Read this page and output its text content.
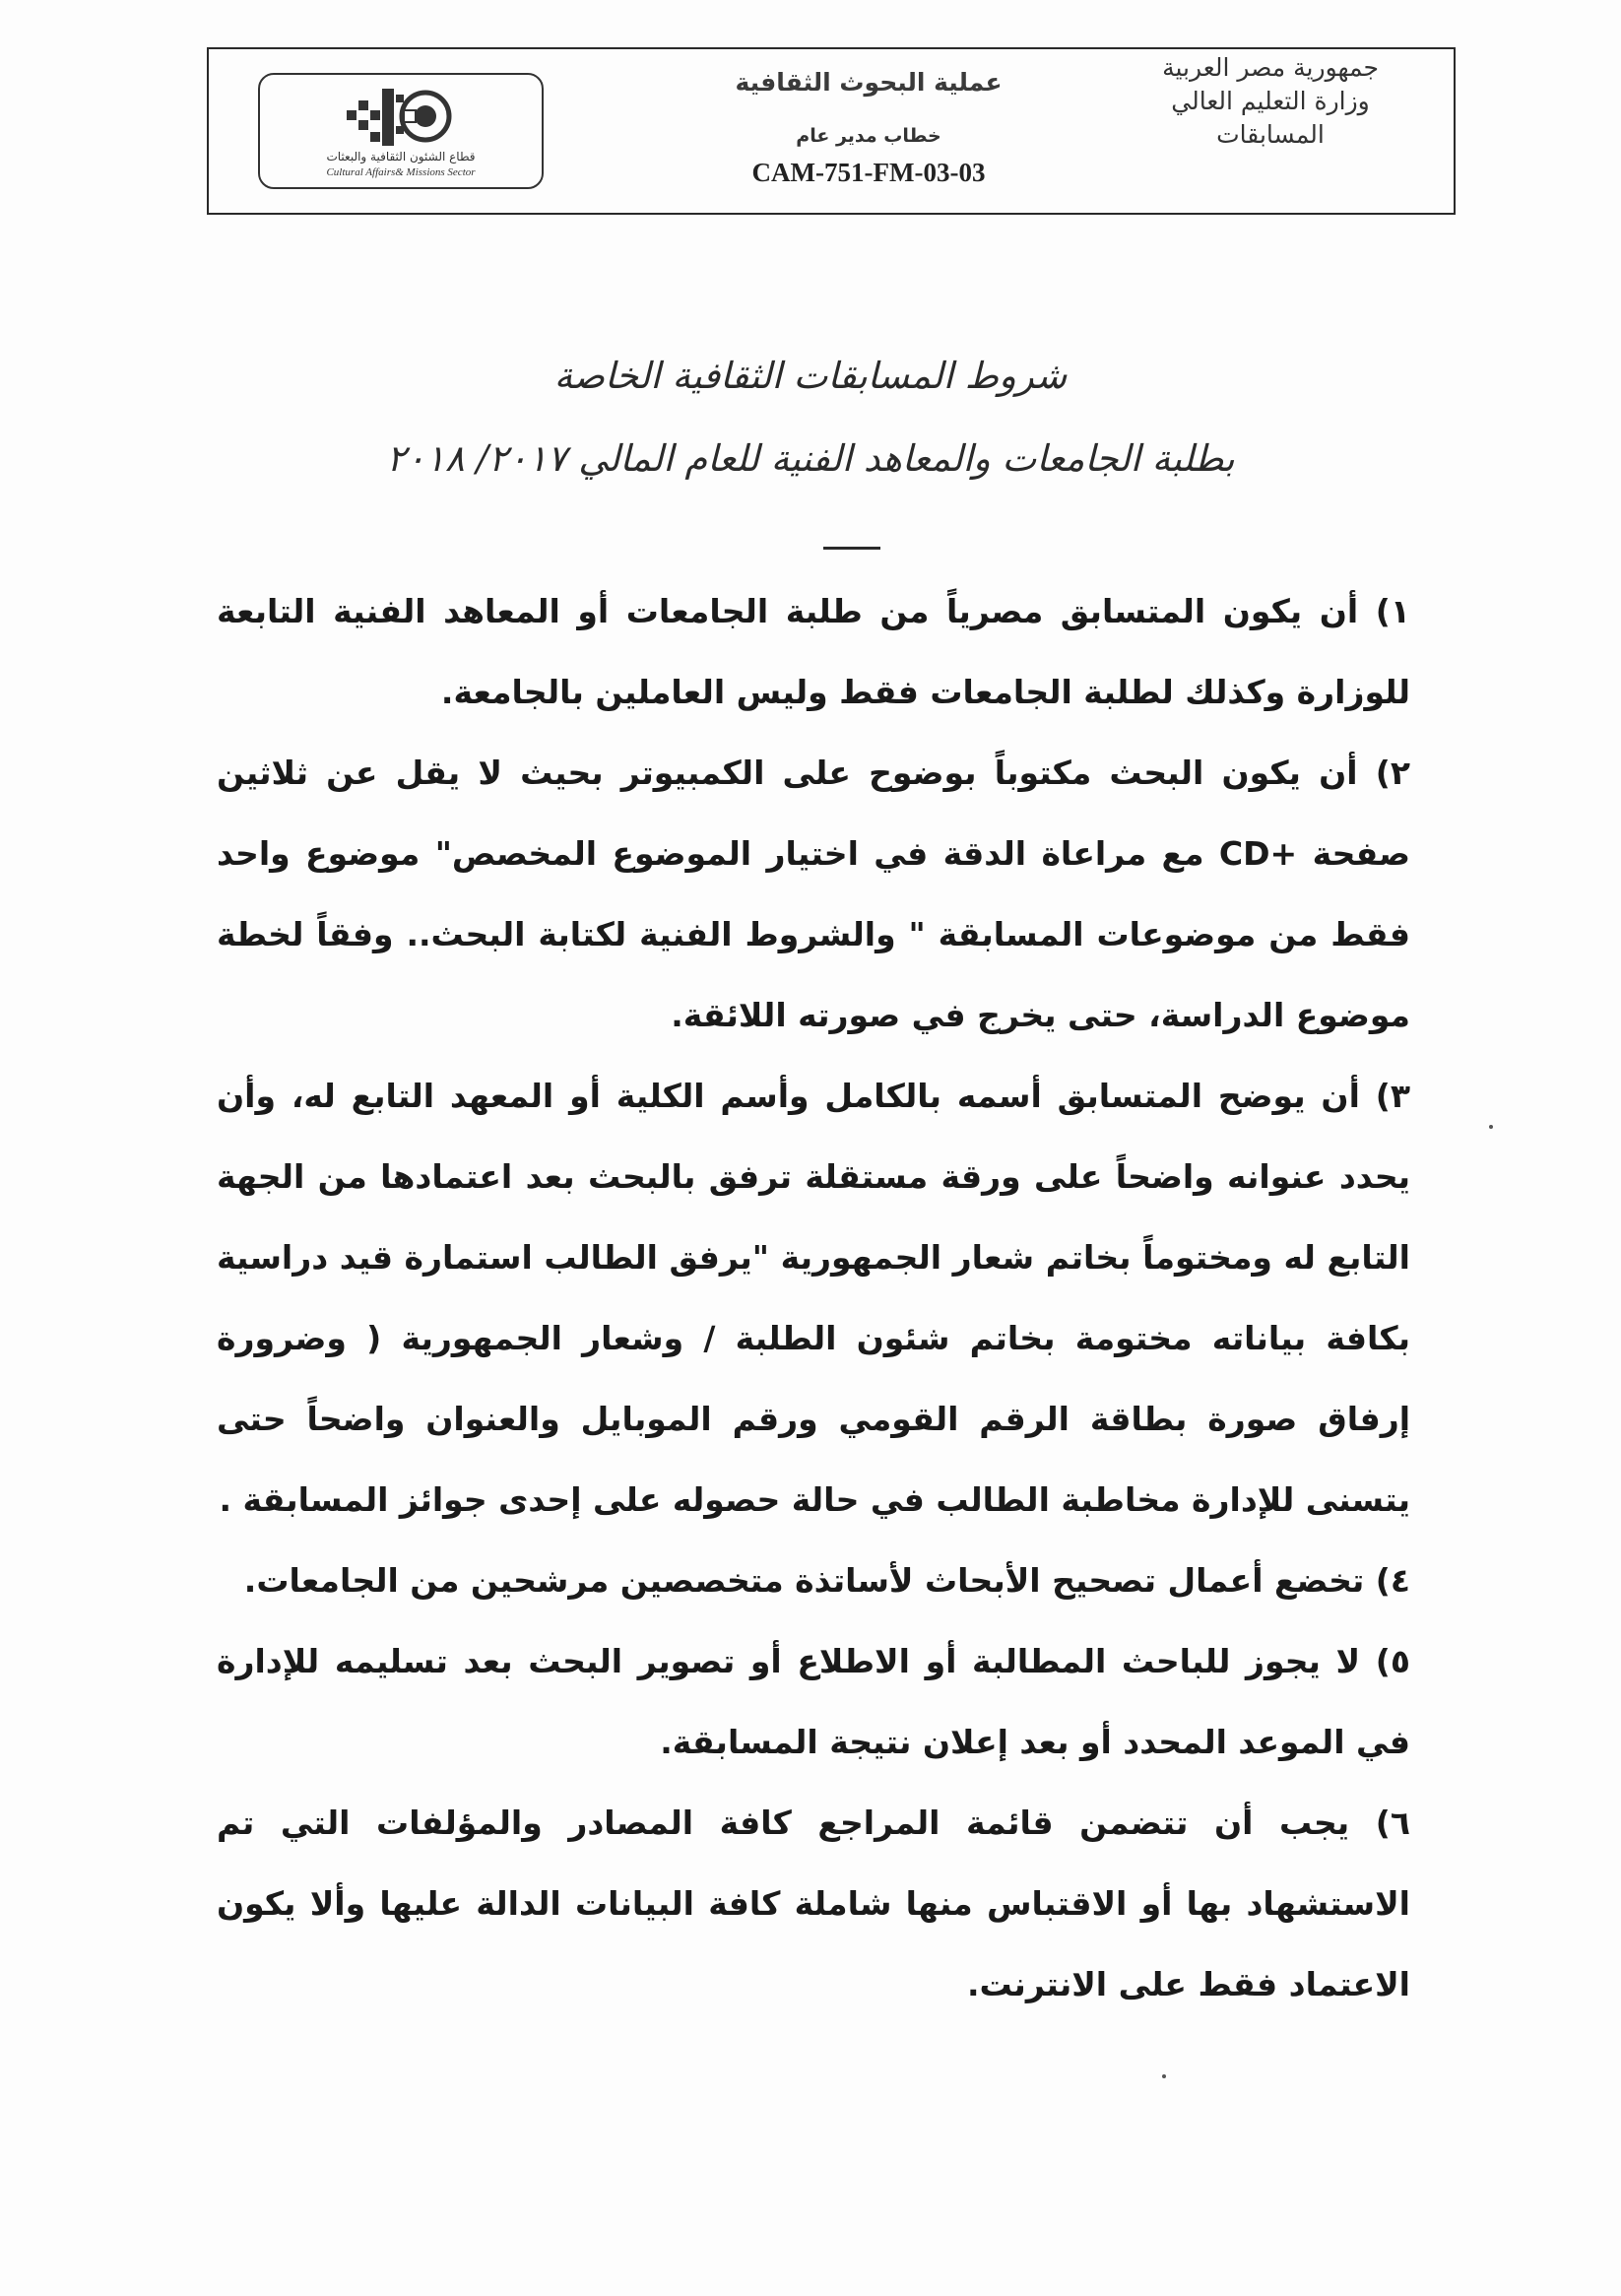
جمهورية مصر العربية
وزارة التعليم العالي
المسابقات
عملية البحوث الثقافية
خطاب مدير عام
CAM-751-FM-03-03
قطاع الشئون الثقافية والبعثات
Cultural Affairs& Missions Sector
شروط المسابقات الثقافية الخاصة
بطلبة الجامعات والمعاهد الفنية للعام المالي ٢٠١٧/ ٢٠١٨

١) أن يكون المتسابق مصرياً من طلبة الجامعات أو المعاهد الفنية التابعة للوزارة وكذلك لطلبة الجامعات فقط وليس العاملين بالجامعة.

٢) أن يكون البحث مكتوباً بوضوح على الكمبيوتر بحيث لا يقل عن ثلاثين صفحة +CD مع مراعاة الدقة في اختيار الموضوع المخصص" موضوع واحد فقط من موضوعات المسابقة " والشروط الفنية لكتابة البحث.. وفقاً لخطة موضوع الدراسة، حتى يخرج في صورته اللائقة.

٣) أن يوضح المتسابق أسمه بالكامل وأسم الكلية أو المعهد التابع له، وأن يحدد عنوانه واضحاً على ورقة مستقلة ترفق بالبحث بعد اعتمادها من الجهة التابع له ومختوماً بخاتم شعار الجمهورية "يرفق الطالب استمارة قيد دراسية بكافة بياناته مختومة بخاتم شئون الطلبة / وشعار الجمهورية ( وضرورة إرفاق صورة بطاقة الرقم القومي ورقم الموبايل والعنوان واضحاً حتى يتسنى للإدارة مخاطبة الطالب في حالة حصوله على إحدى جوائز المسابقة .

٤) تخضع أعمال تصحيح الأبحاث لأساتذة متخصصين مرشحين من الجامعات.

٥) لا يجوز للباحث المطالبة أو الاطلاع أو تصوير البحث بعد تسليمه للإدارة في الموعد المحدد أو بعد إعلان نتيجة المسابقة.

٦) يجب أن تتضمن قائمة المراجع كافة المصادر والمؤلفات التي تم الاستشهاد بها أو الاقتباس منها شاملة كافة البيانات الدالة عليها وألا يكون الاعتماد فقط على الانترنت.
